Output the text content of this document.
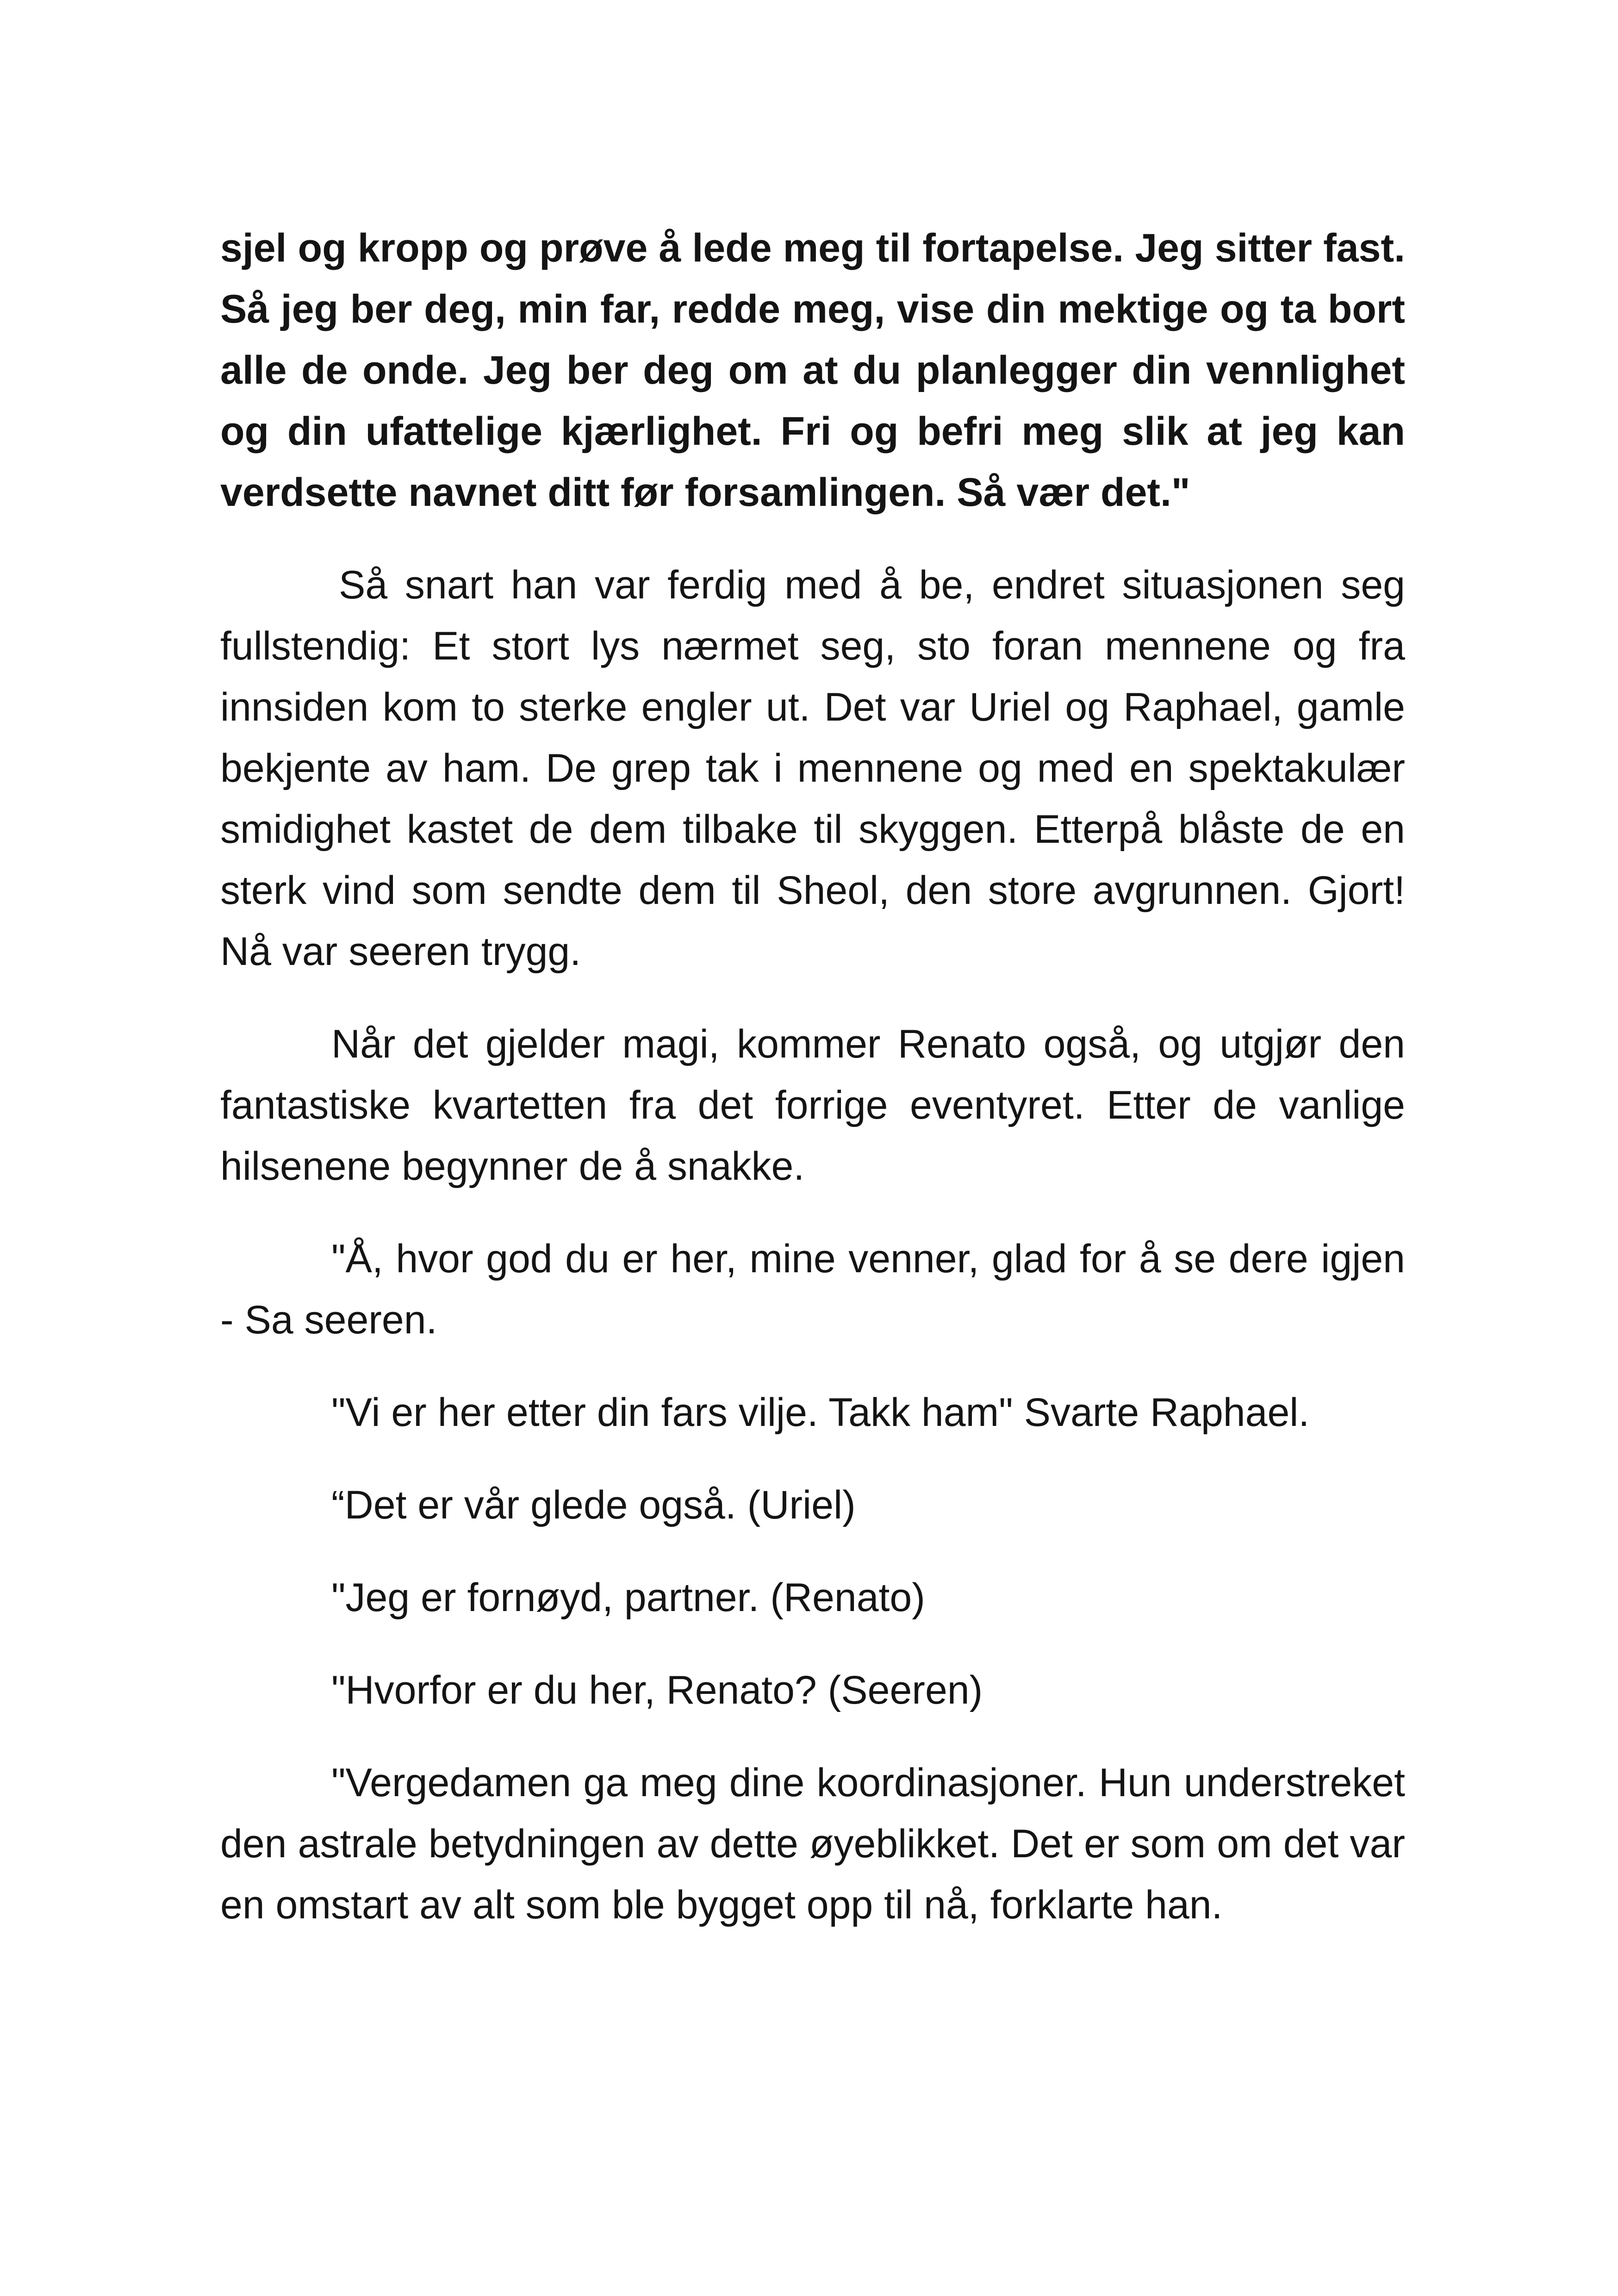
sjel og kropp og prøve å lede meg til fortapelse. Jeg sitter fast. Så jeg ber deg, min far, redde meg, vise din mektige og ta bort alle de onde. Jeg ber deg om at du planlegger din vennlighet og din ufattelige kjærlighet. Fri og befri meg slik at jeg kan verdsette navnet ditt før forsamlingen. Så vær det."

Så snart han var ferdig med å be, endret situasjonen seg fullstendig: Et stort lys nærmet seg, sto foran mennene og fra innsiden kom to sterke engler ut. Det var Uriel og Raphael, gamle bekjente av ham. De grep tak i mennene og med en spektakulær smidighet kastet de dem tilbake til skyggen. Etterpå blåste de en sterk vind som sendte dem til Sheol, den store avgrunnen. Gjort! Nå var seeren trygg.

Når det gjelder magi, kommer Renato også, og utgjør den fantastiske kvartetten fra det forrige eventyret. Etter de vanlige hilsenene begynner de å snakke.

"Å, hvor god du er her, mine venner, glad for å se dere igjen - Sa seeren.

"Vi er her etter din fars vilje. Takk ham" Svarte Raphael.

“Det er vår glede også. (Uriel)

"Jeg er fornøyd, partner. (Renato)

"Hvorfor er du her, Renato? (Seeren)

"Vergedamen ga meg dine koordinasjoner. Hun understreket den astrale betydningen av dette øyeblikket. Det er som om det var en omstart av alt som ble bygget opp til nå, forklarte han.
